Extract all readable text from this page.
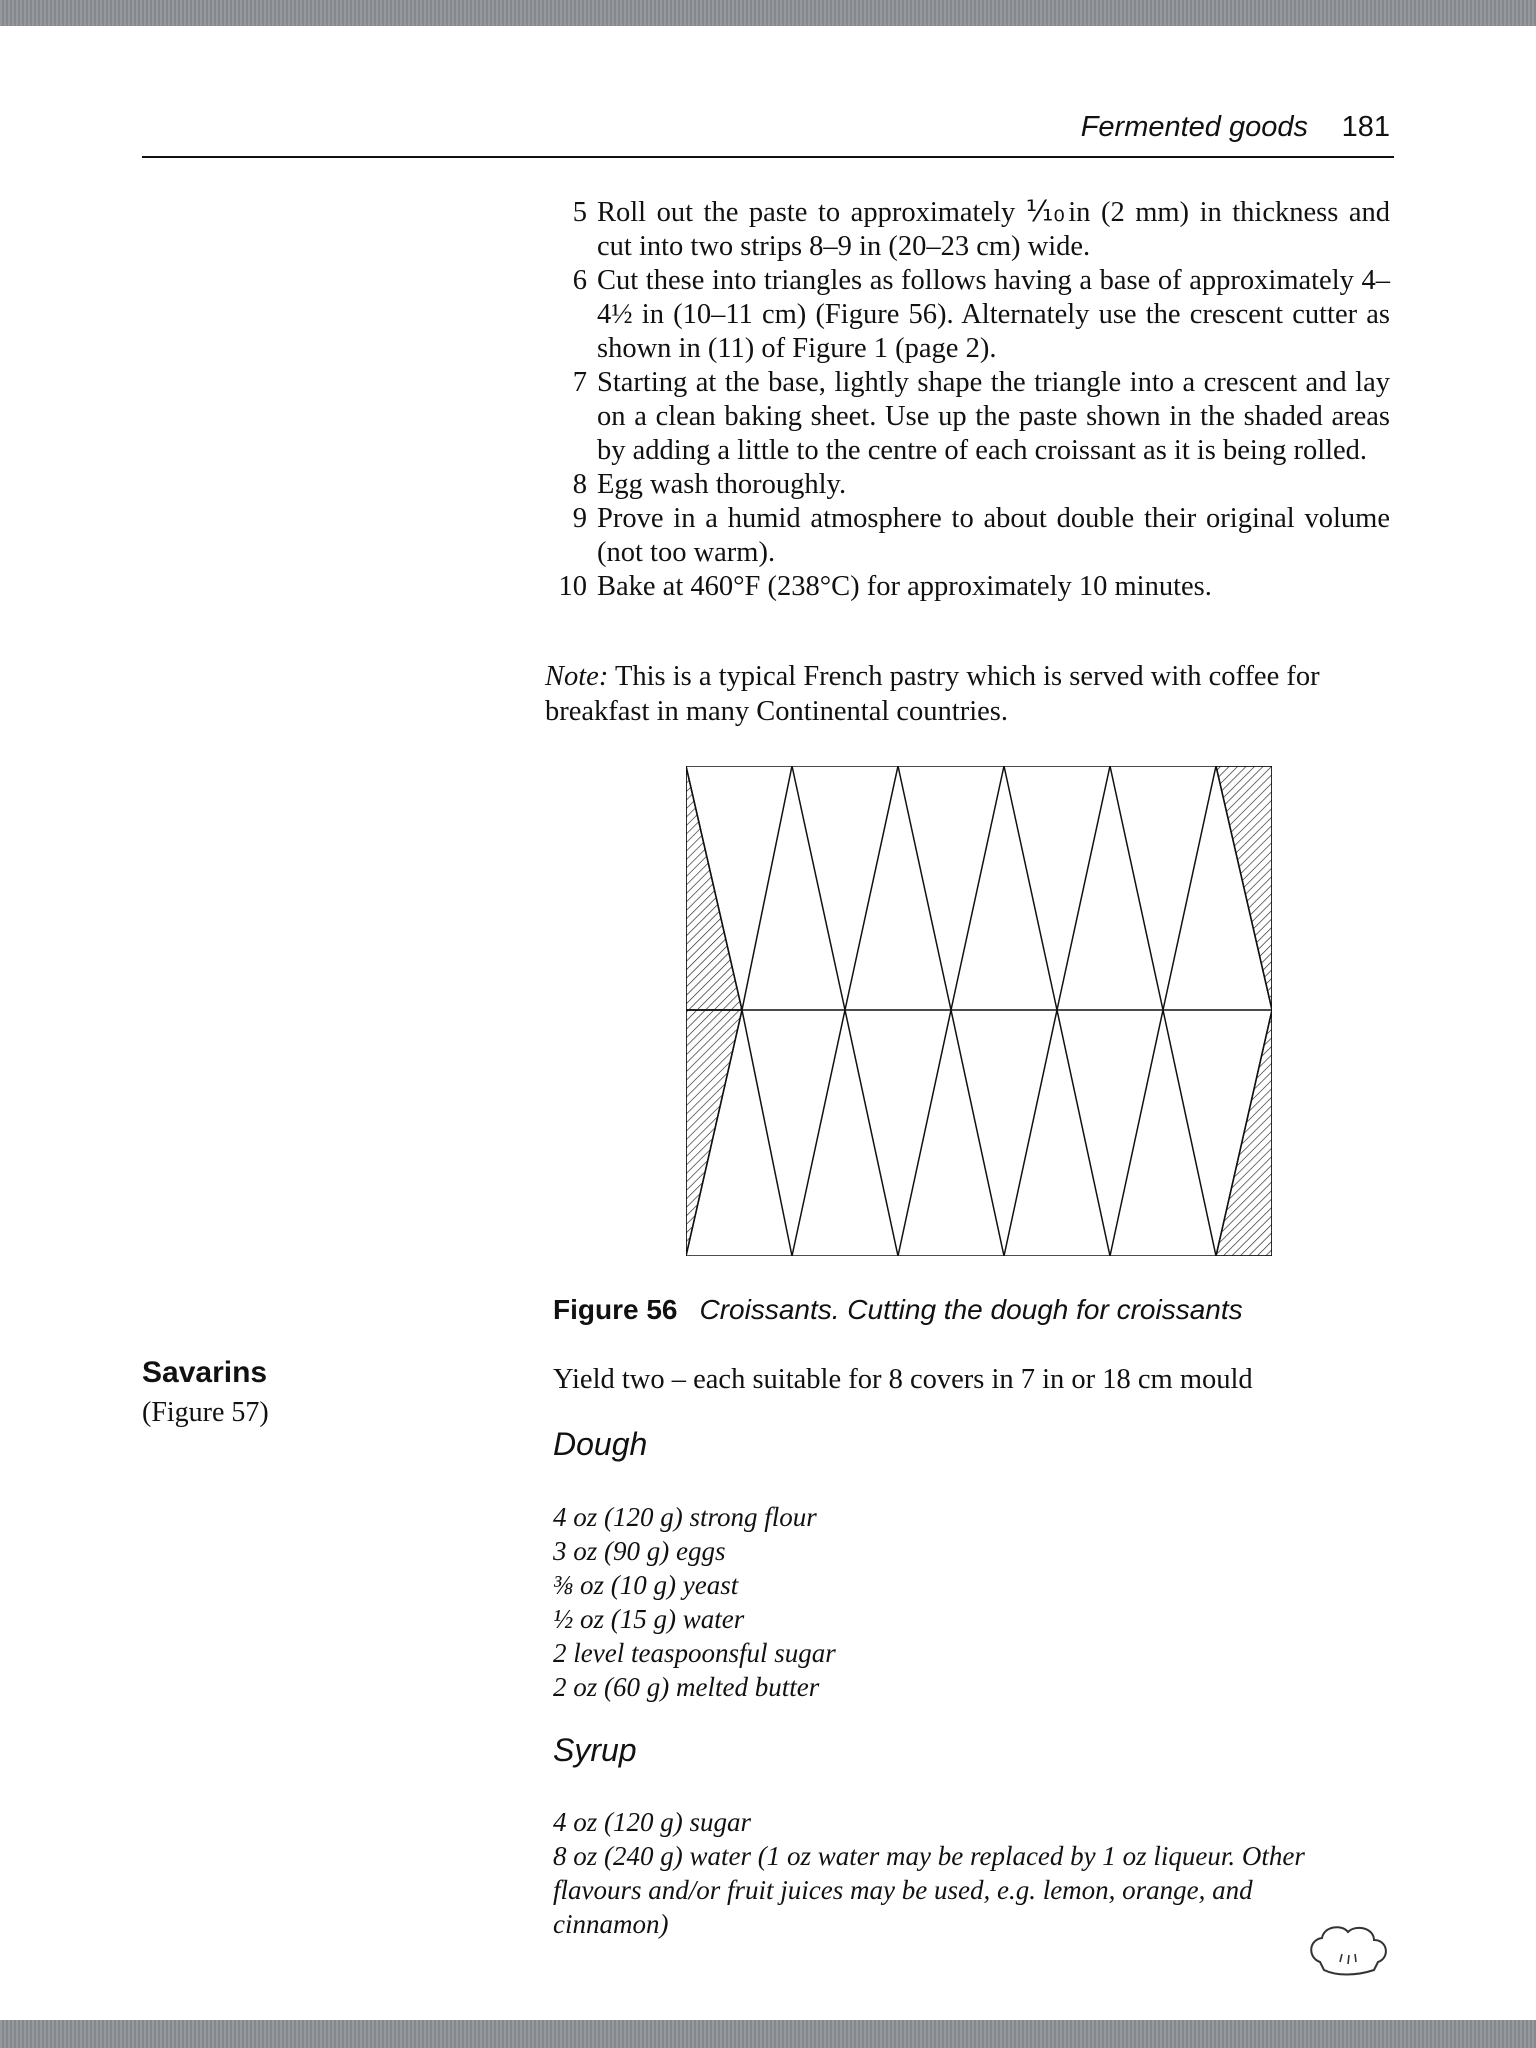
Fermented goods 181
5 Roll out the paste to approximately ⅒in (2 mm) in thickness and cut into two strips 8–9 in (20–23 cm) wide.
6 Cut these into triangles as follows having a base of approximately 4–4½ in (10–11 cm) (Figure 56). Alternately use the crescent cutter as shown in (11) of Figure 1 (page 2).
7 Starting at the base, lightly shape the triangle into a crescent and lay on a clean baking sheet. Use up the paste shown in the shaded areas by adding a little to the centre of each croissant as it is being rolled.
8 Egg wash thoroughly.
9 Prove in a humid atmosphere to about double their original volume (not too warm).
10 Bake at 460°F (238°C) for approximately 10 minutes.
Note: This is a typical French pastry which is served with coffee for breakfast in many Continental countries.
Figure 56 Croissants. Cutting the dough for croissants
Savarins
(Figure 57)
Yield two – each suitable for 8 covers in 7 in or 18 cm mould
Dough
4 oz (120 g) strong flour
3 oz (90 g) eggs
⅜ oz (10 g) yeast
½ oz (15 g) water
2 level teaspoonsful sugar
2 oz (60 g) melted butter
Syrup
4 oz (120 g) sugar
8 oz (240 g) water (1 oz water may be replaced by 1 oz liqueur. Other flavours and/or fruit juices may be used, e.g. lemon, orange, and cinnamon)
